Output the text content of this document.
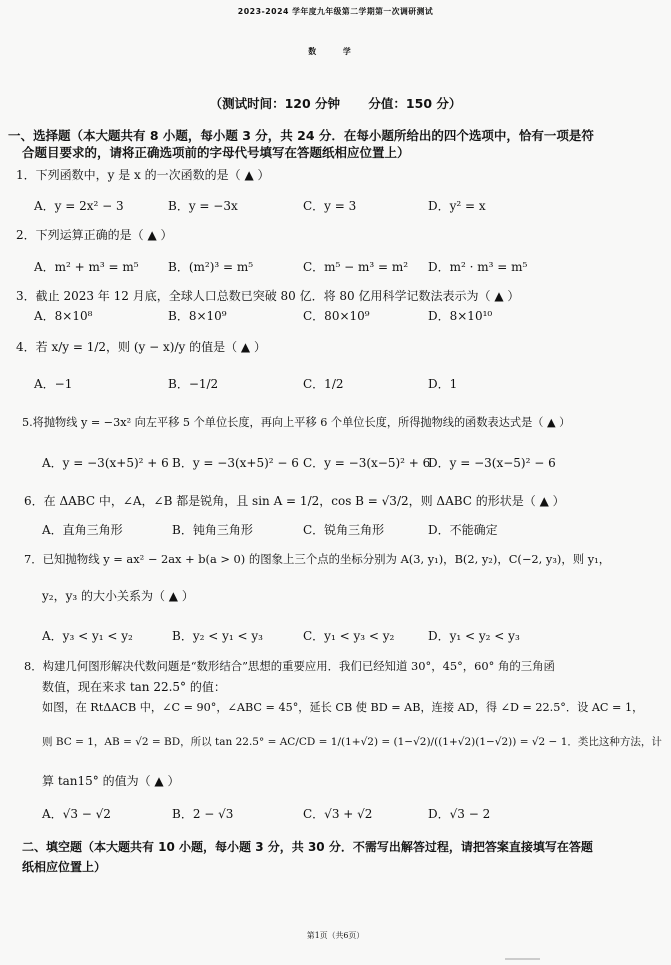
2023-2024 学年度九年级第二学期第一次调研测试
数 学
（测试时间：120 分钟 分值：150 分）
一、选择题（本大题共有 8 小题，每小题 3 分，共 24 分．在每小题所给出的四个选项中，恰有一项是符
合题目要求的，请将正确选项前的字母代号填写在答题纸相应位置上）
1．下列函数中，y 是 x 的一次函数的是（ ▲ ）
A．y = 2x² − 3	B．y = −3x	C．y = 3	D．y² = x
2．下列运算正确的是（ ▲ ）
A．m² + m³ = m⁵ B．(m²)³ = m⁵	C．m⁵ − m³ = m² D．m² · m³ = m⁵
3．截止 2023 年 12 月底，全球人口总数已突破 80 亿．将 80 亿用科学记数法表示为（ ▲ ）
A．8×10⁸	B．8×10⁹	C．80×10⁹	D．8×10¹⁰
4．若 x/y = 1/2，则 (y − x)/y 的值是（ ▲ ）
A．−1	B．−1/2	C．1/2	D．1
5.将抛物线 y = −3x² 向左平移 5 个单位长度，再向上平移 6 个单位长度，所得抛物线的函数表达式是（ ▲ ）
A．y = −3(x+5)² + 6 B．y = −3(x+5)² − 6 C．y = −3(x−5)² + 6
D．y = −3(x−5)² − 6
6．在 ΔABC 中，∠A，∠B 都是锐角，且 sin A = 1/2，cos B = √3/2，则 ΔABC 的形状是（ ▲ ）
A．直角三角形	B．钝角三角形	C．锐角三角形	D．不能确定
7．已知抛物线 y = ax² − 2ax + b(a > 0) 的图象上三个点的坐标分别为 A(3, y₁)，B(2, y₂)，C(−2, y₃)，则 y₁，
y₂，y₃ 的大小关系为（ ▲ ）
A．y₃ < y₁ < y₂	B．y₂ < y₁ < y₃	C．y₁ < y₃ < y₂	D．y₁ < y₂ < y₃
8．构建几何图形解决代数问题是“数形结合”思想的重要应用．我们已经知道 30°，45°，60° 角的三角函
数值，现在来求 tan 22.5° 的值：
如图，在 RtΔACB 中，∠C = 90°，∠ABC = 45°，延长 CB 使 BD = AB，连接 AD，得 ∠D = 22.5°．设 AC = 1，
则 BC = 1，AB = √2 = BD，所以 tan 22.5° = AC/CD = 1/(1+√2) = (1−√2)/((1+√2)(1−√2)) = √2 − 1．类比这种方法，计
算 tan15° 的值为（ ▲ ）
A．√3 − √2	B．2 − √3	C．√3 + √2	D．√3 − 2
二、填空题（本大题共有 10 小题，每小题 3 分，共 30 分．不需写出解答过程，请把答案直接填写在答题
纸相应位置上）
第1页（共6页）
